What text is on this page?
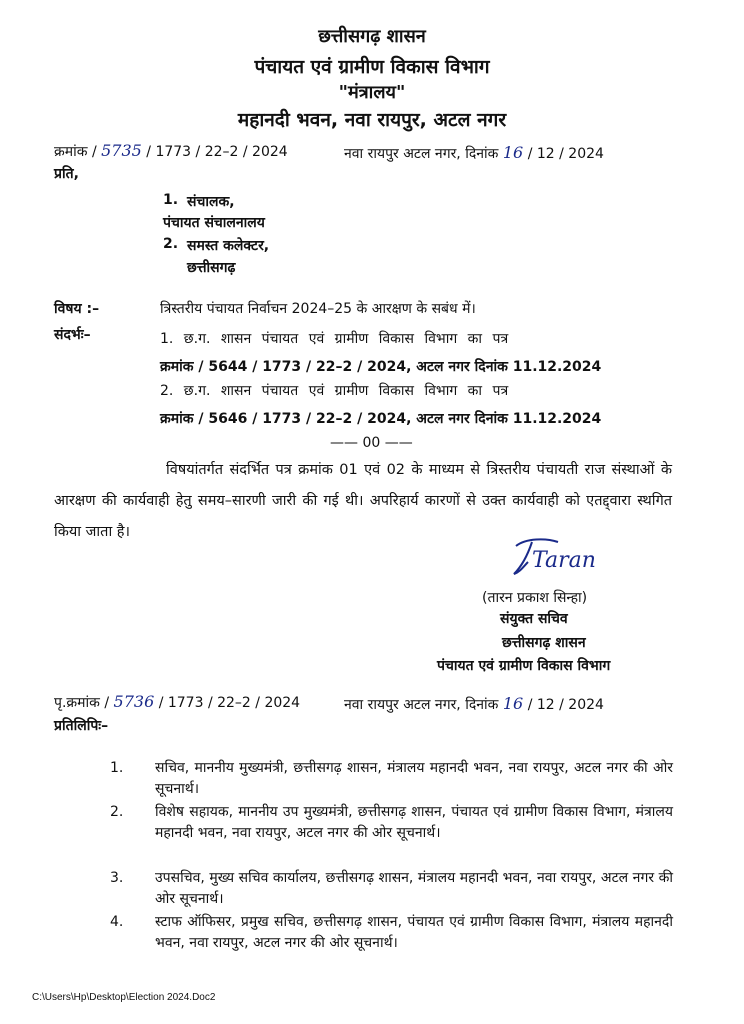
छत्तीसगढ़ शासन
पंचायत एवं ग्रामीण विकास विभाग
"मंत्रालय"
महानदी भवन, नवा रायपुर, अटल नगर
क्रमांक / 5735 / 1773 / 22–2 / 2024	नवा रायपुर अटल नगर, दिनांक 16 / 12 / 2024
प्रति,
1. संचालक,
पंचायत संचालनालय
2. समस्त कलेक्टर,
छत्तीसगढ़
विषय :–	त्रिस्तरीय पंचायत निर्वाचन 2024–25 के आरक्षण के सबंध में।
संदर्भः–	1. छ.ग. शासन पंचायत एवं ग्रामीण विकास विभाग का पत्र
क्रमांक / 5644 / 1773 / 22–2 / 2024, अटल नगर दिनांक 11.12.2024
2. छ.ग. शासन पंचायत एवं ग्रामीण विकास विभाग का पत्र
क्रमांक / 5646 / 1773 / 22–2 / 2024, अटल नगर दिनांक 11.12.2024
—— 00 ——
विषयांतर्गत संदर्भित पत्र क्रमांक 01 एवं 02 के माध्यम से त्रिस्तरीय पंचायती राज संस्थाओं के आरक्षण की कार्यवाही हेतु समय–सारणी जारी की गई थी। अपरिहार्य कारणों से उक्त कार्यवाही को एतद्द्वारा स्थगित किया जाता है।
Taran
(तारन प्रकाश सिन्हा)
संयुक्त सचिव
छत्तीसगढ़ शासन
पंचायत एवं ग्रामीण विकास विभाग
पृ.क्रमांक / 5736 / 1773 / 22–2 / 2024	नवा रायपुर अटल नगर, दिनांक 16 / 12 / 2024
प्रतिलिपिः–
1. सचिव, माननीय मुख्यमंत्री, छत्तीसगढ़ शासन, मंत्रालय महानदी भवन, नवा रायपुर, अटल नगर की ओर सूचनार्थ।
2. विशेष सहायक, माननीय उप मुख्यमंत्री, छत्तीसगढ़ शासन, पंचायत एवं ग्रामीण विकास विभाग, मंत्रालय महानदी भवन, नवा रायपुर, अटल नगर की ओर सूचनार्थ।
3. उपसचिव, मुख्य सचिव कार्यालय, छत्तीसगढ़ शासन, मंत्रालय महानदी भवन, नवा रायपुर, अटल नगर की ओर सूचनार्थ।
4. स्टाफ ऑफिसर, प्रमुख सचिव, छत्तीसगढ़ शासन, पंचायत एवं ग्रामीण विकास विभाग, मंत्रालय महानदी भवन, नवा रायपुर, अटल नगर की ओर सूचनार्थ।
C:\Users\Hp\Desktop\Election 2024.Doc2
